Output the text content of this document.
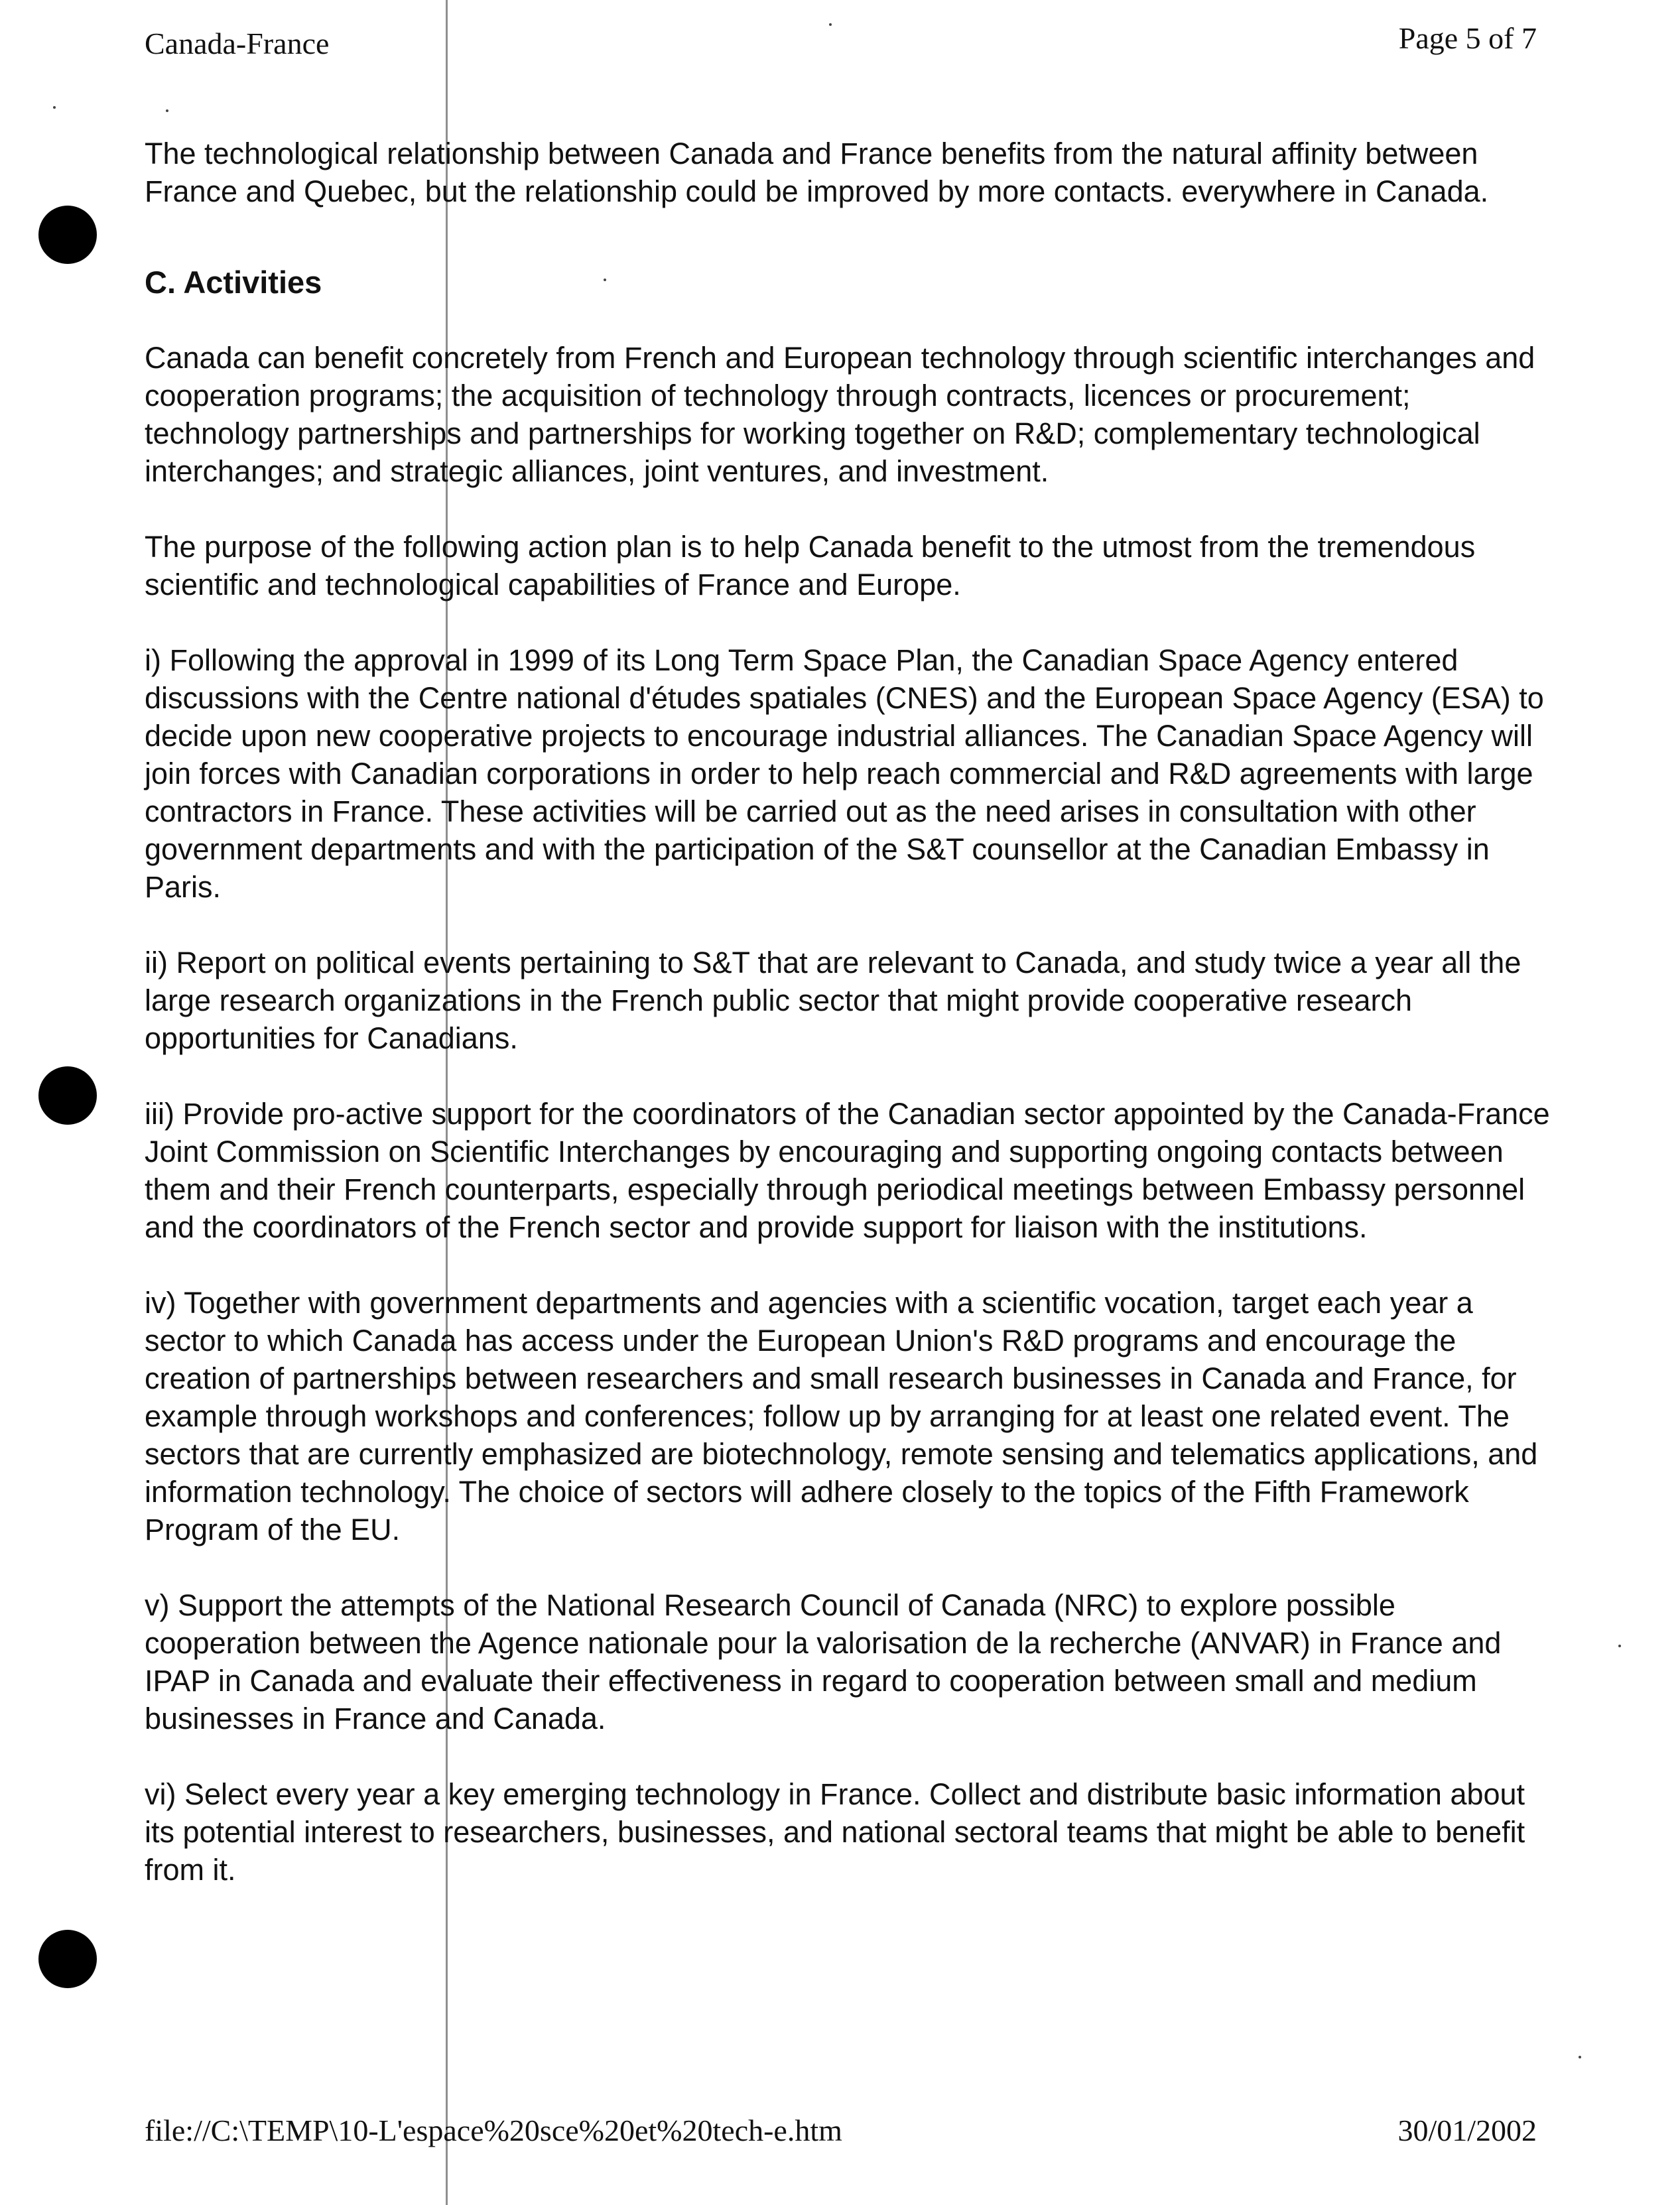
Canada-France	Page 5 of 7

The technological relationship between Canada and France benefits from the natural affinity between France and Quebec, but the relationship could be improved by more contacts. everywhere in Canada.

C. Activities

Canada can benefit concretely from French and European technology through scientific interchanges and cooperation programs; the acquisition of technology through contracts, licences or procurement; technology partnerships and partnerships for working together on R&D; complementary technological interchanges; and strategic alliances, joint ventures, and investment.

The purpose of the following action plan is to help Canada benefit to the utmost from the tremendous scientific and technological capabilities of France and Europe.

i) Following the approval in 1999 of its Long Term Space Plan, the Canadian Space Agency entered discussions with the Centre national d'études spatiales (CNES) and the European Space Agency (ESA) to decide upon new cooperative projects to encourage industrial alliances. The Canadian Space Agency will join forces with Canadian corporations in order to help reach commercial and R&D agreements with large contractors in France. These activities will be carried out as the need arises in consultation with other government departments and with the participation of the S&T counsellor at the Canadian Embassy in Paris.

ii) Report on political events pertaining to S&T that are relevant to Canada, and study twice a year all the large research organizations in the French public sector that might provide cooperative research opportunities for Canadians.

iii) Provide pro-active support for the coordinators of the Canadian sector appointed by the Canada-France Joint Commission on Scientific Interchanges by encouraging and supporting ongoing contacts between them and their French counterparts, especially through periodical meetings between Embassy personnel and the coordinators of the French sector and provide support for liaison with the institutions.

iv) Together with government departments and agencies with a scientific vocation, target each year a sector to which Canada has access under the European Union's R&D programs and encourage the creation of partnerships between researchers and small research businesses in Canada and France, for example through workshops and conferences; follow up by arranging for at least one related event. The sectors that are currently emphasized are biotechnology, remote sensing and telematics applications, and information technology. The choice of sectors will adhere closely to the topics of the Fifth Framework Program of the EU.

v) Support the attempts of the National Research Council of Canada (NRC) to explore possible cooperation between the Agence nationale pour la valorisation de la recherche (ANVAR) in France and IPAP in Canada and evaluate their effectiveness in regard to cooperation between small and medium businesses in France and Canada.

vi) Select every year a key emerging technology in France. Collect and distribute basic information about its potential interest to researchers, businesses, and national sectoral teams that might be able to benefit from it.

file://C:\TEMP\10-L'espace%20sce%20et%20tech-e.htm	30/01/2002
